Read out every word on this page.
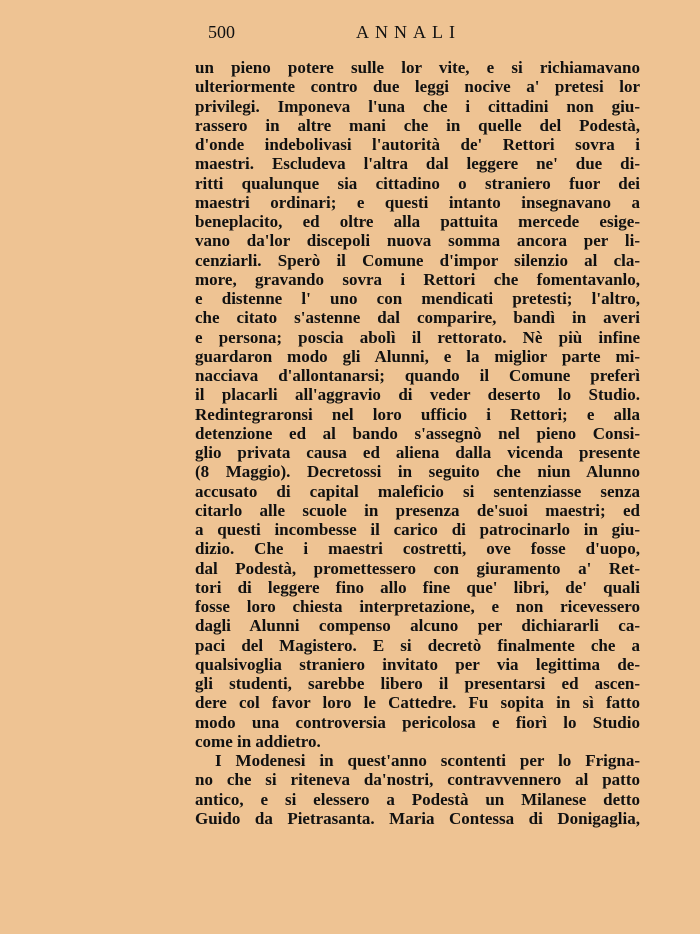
500	ANNALI
un pieno potere sulle lor vite, e si richiamavano
ulteriormente contro due leggi nocive a' pretesi lor
privilegi. Imponeva l'una che i cittadini non giu-
rassero in altre mani che in quelle del Podestà,
d'onde indebolivasi l'autorità de' Rettori sovra i
maestri. Escludeva l'altra dal leggere ne' due di-
ritti qualunque sia cittadino o straniero fuor dei
maestri ordinari; e questi intanto insegnavano a
beneplacito, ed oltre alla pattuita mercede esige-
vano da'lor discepoli nuova somma ancora per li-
cenziarli. Sperò il Comune d'impor silenzio al cla-
more, gravando sovra i Rettori che fomentavanlo,
e distenne l' uno con mendicati pretesti; l'altro,
che citato s'astenne dal comparire, bandì in averi
e persona; poscia abolì il rettorato. Nè più infine
guardaron modo gli Alunni, e la miglior parte mi-
nacciava d'allontanarsi; quando il Comune preferì
il placarli all'aggravio di veder deserto lo Studio.
Redintegraronsi nel loro ufficio i Rettori; e alla
detenzione ed al bando s'assegnò nel pieno Consi-
glio privata causa ed aliena dalla vicenda presente
(8 Maggio). Decretossi in seguito che niun Alunno
accusato di capital maleficio si sentenziasse senza
citarlo alle scuole in presenza de'suoi maestri; ed
a questi incombesse il carico di patrocinarlo in giu-
dizio. Che i maestri costretti, ove fosse d'uopo,
dal Podestà, promettessero con giuramento a' Ret-
tori di leggere fino allo fine que' libri, de' quali
fosse loro chiesta interpretazione, e non ricevessero
dagli Alunni compenso alcuno per dichiararli ca-
paci del Magistero. E si decretò finalmente che a
qualsivoglia straniero invitato per via legittima de-
gli studenti, sarebbe libero il presentarsi ed ascen-
dere col favor loro le Cattedre. Fu sopita in sì fatto
modo una controversia pericolosa e fiorì lo Studio
come in addietro.
I Modenesi in quest'anno scontenti per lo Frigna-
no che si riteneva da'nostri, contravvennero al patto
antico, e si elessero a Podestà un Milanese detto
Guido da Pietrasanta. Maria Contessa di Donigaglia,
